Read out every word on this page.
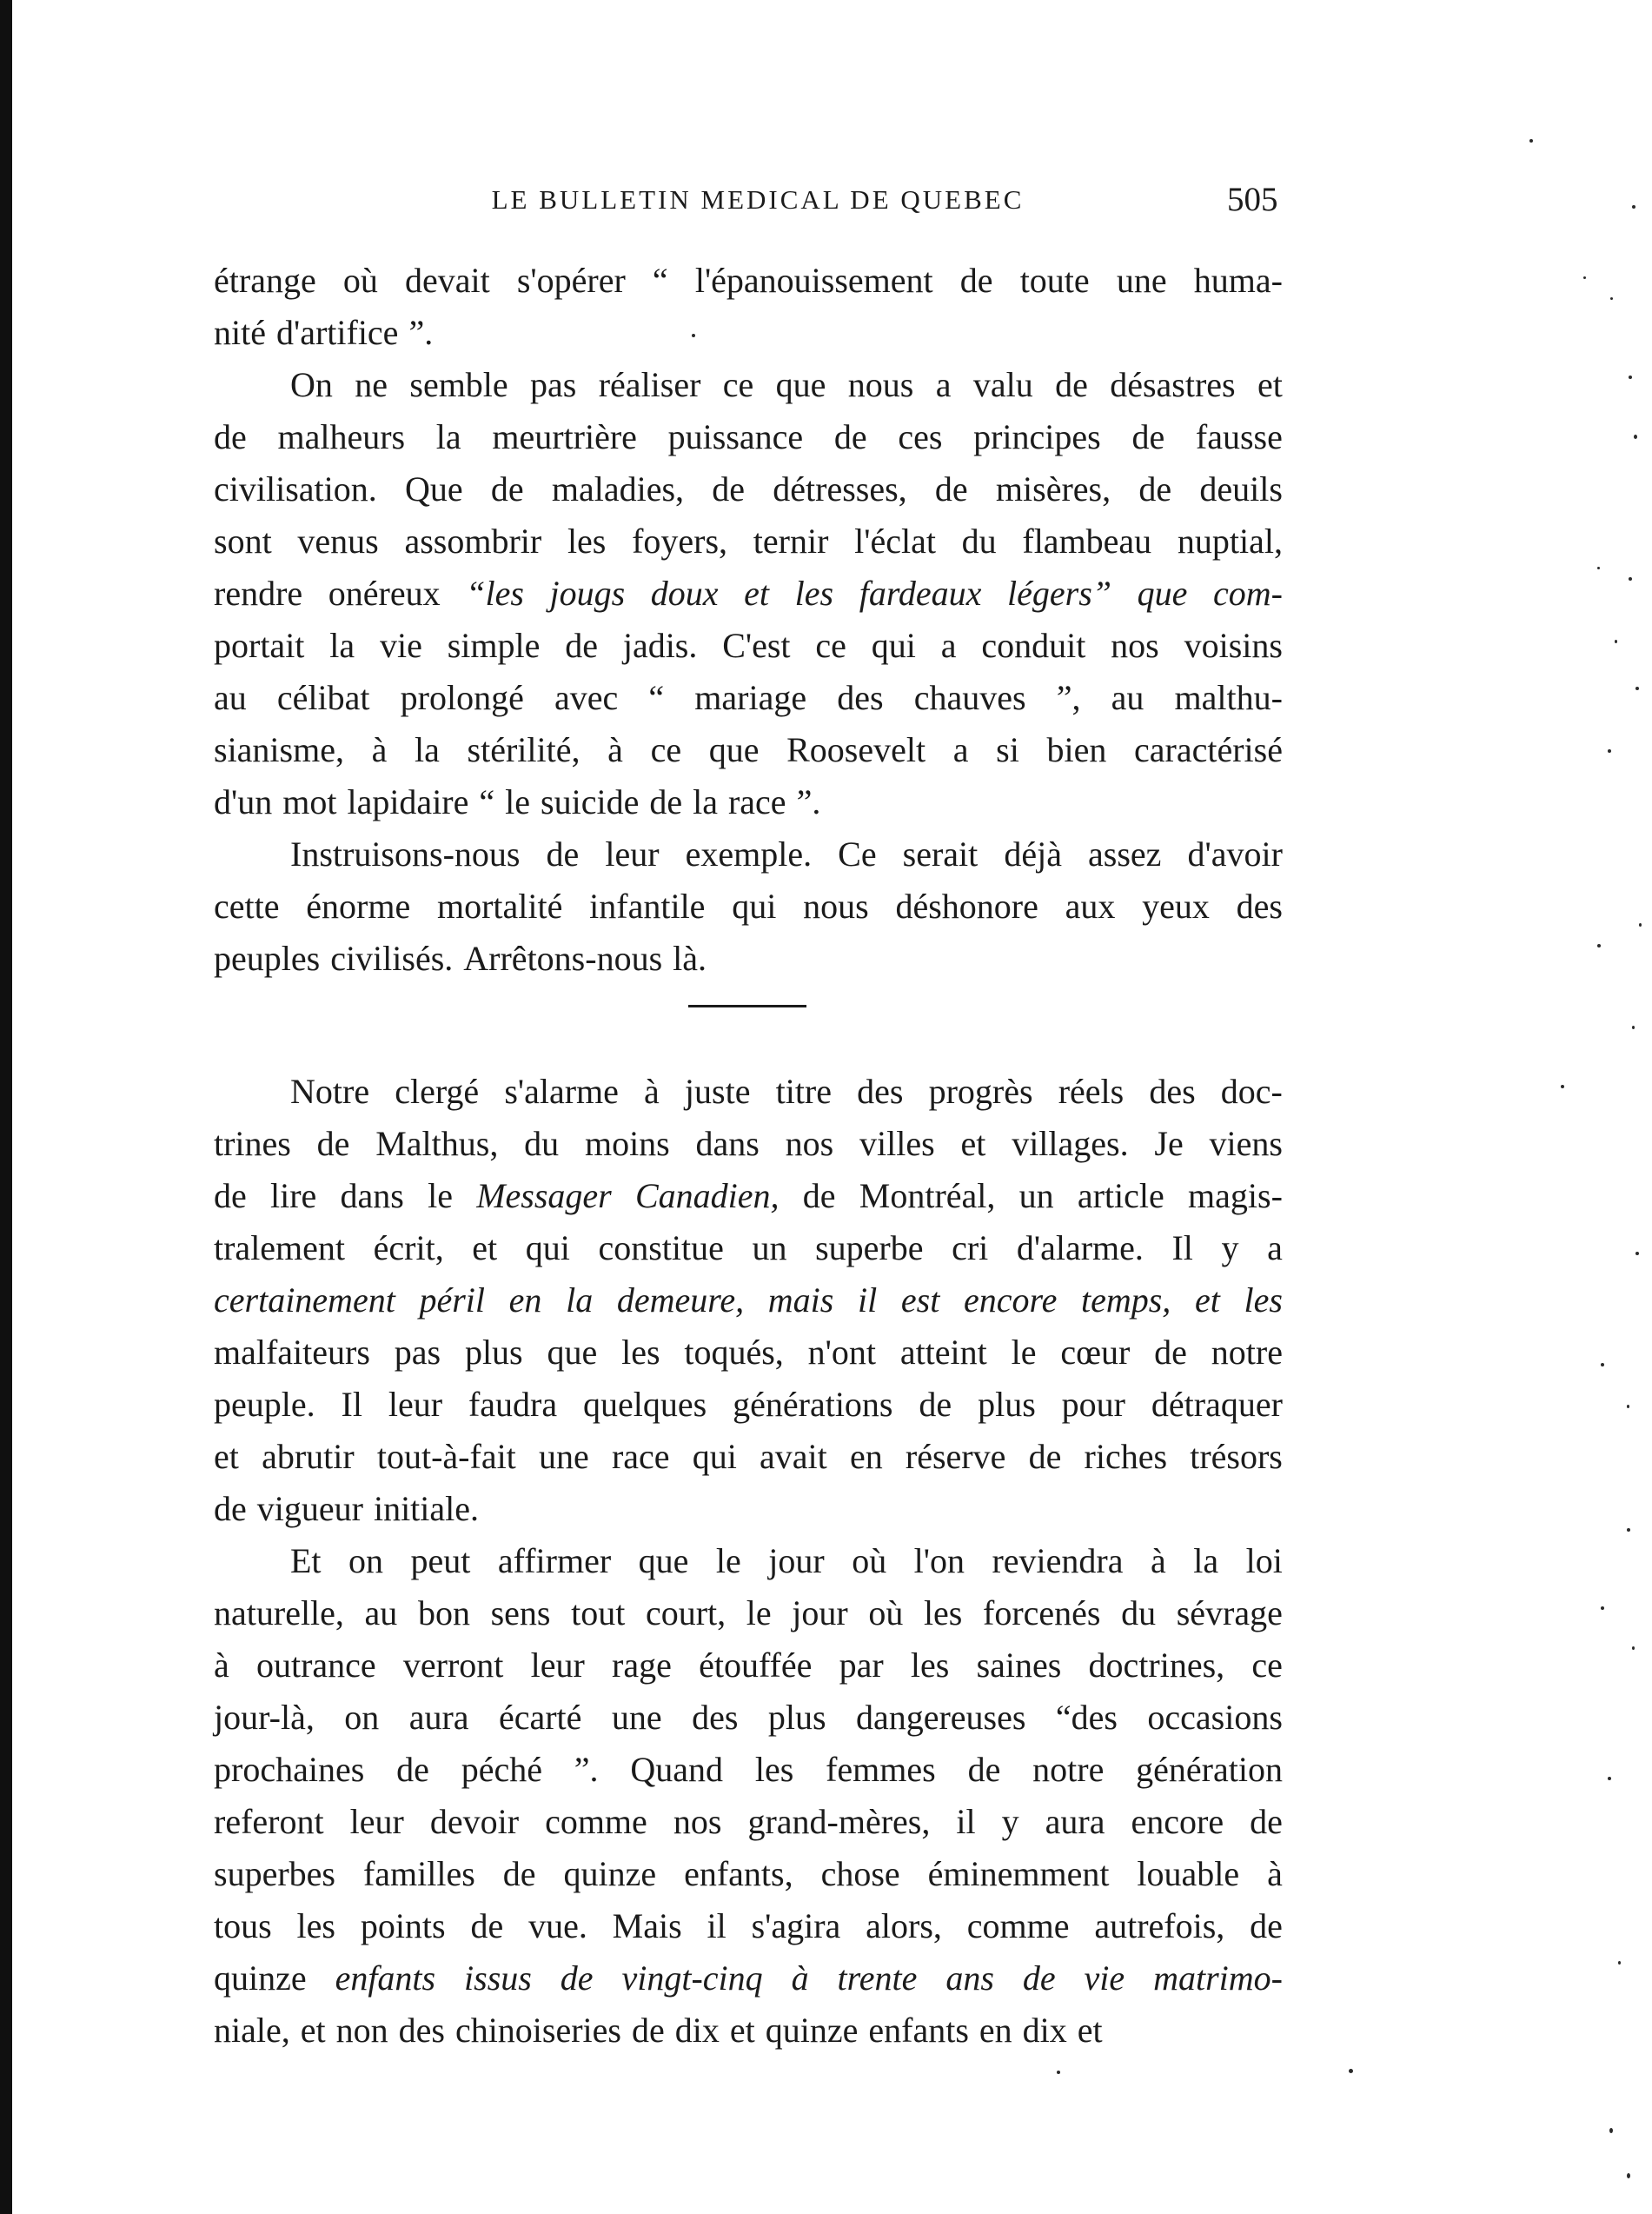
LE BULLETIN MEDICAL DE QUEBEC	505
étrange où devait s'opérer “ l'épanouissement de toute une huma-
nité d'artifice ”.
On ne semble pas réaliser ce que nous a valu de désastres et
de malheurs la meurtrière puissance de ces principes de fausse
civilisation. Que de maladies, de détresses, de misères, de deuils
sont venus assombrir les foyers, ternir l'éclat du flambeau nuptial,
rendre onéreux “les jougs doux et les fardeaux légers” que com-
portait la vie simple de jadis. C'est ce qui a conduit nos voisins
au célibat prolongé avec “ mariage des chauves ”, au malthu-
sianisme, à la stérilité, à ce que Roosevelt a si bien caractérisé
d'un mot lapidaire “ le suicide de la race ”.
Instruisons-nous de leur exemple. Ce serait déjà assez d'avoir
cette énorme mortalité infantile qui nous déshonore aux yeux des
peuples civilisés. Arrêtons-nous là.
Notre clergé s'alarme à juste titre des progrès réels des doc-
trines de Malthus, du moins dans nos villes et villages. Je viens
de lire dans le Messager Canadien, de Montréal, un article magis-
tralement écrit, et qui constitue un superbe cri d'alarme. Il y a
certainement péril en la demeure, mais il est encore temps, et les
malfaiteurs pas plus que les toqués, n'ont atteint le cœur de notre
peuple. Il leur faudra quelques générations de plus pour détraquer
et abrutir tout-à-fait une race qui avait en réserve de riches trésors
de vigueur initiale.
Et on peut affirmer que le jour où l'on reviendra à la loi
naturelle, au bon sens tout court, le jour où les forcenés du sévrage
à outrance verront leur rage étouffée par les saines doctrines, ce
jour-là, on aura écarté une des plus dangereuses “des occasions
prochaines de péché ”. Quand les femmes de notre génération
referont leur devoir comme nos grand-mères, il y aura encore de
superbes familles de quinze enfants, chose éminemment louable à
tous les points de vue. Mais il s'agira alors, comme autrefois, de
quinze enfants issus de vingt-cinq à trente ans de vie matrimo-
niale, et non des chinoiseries de dix et quinze enfants en dix et
